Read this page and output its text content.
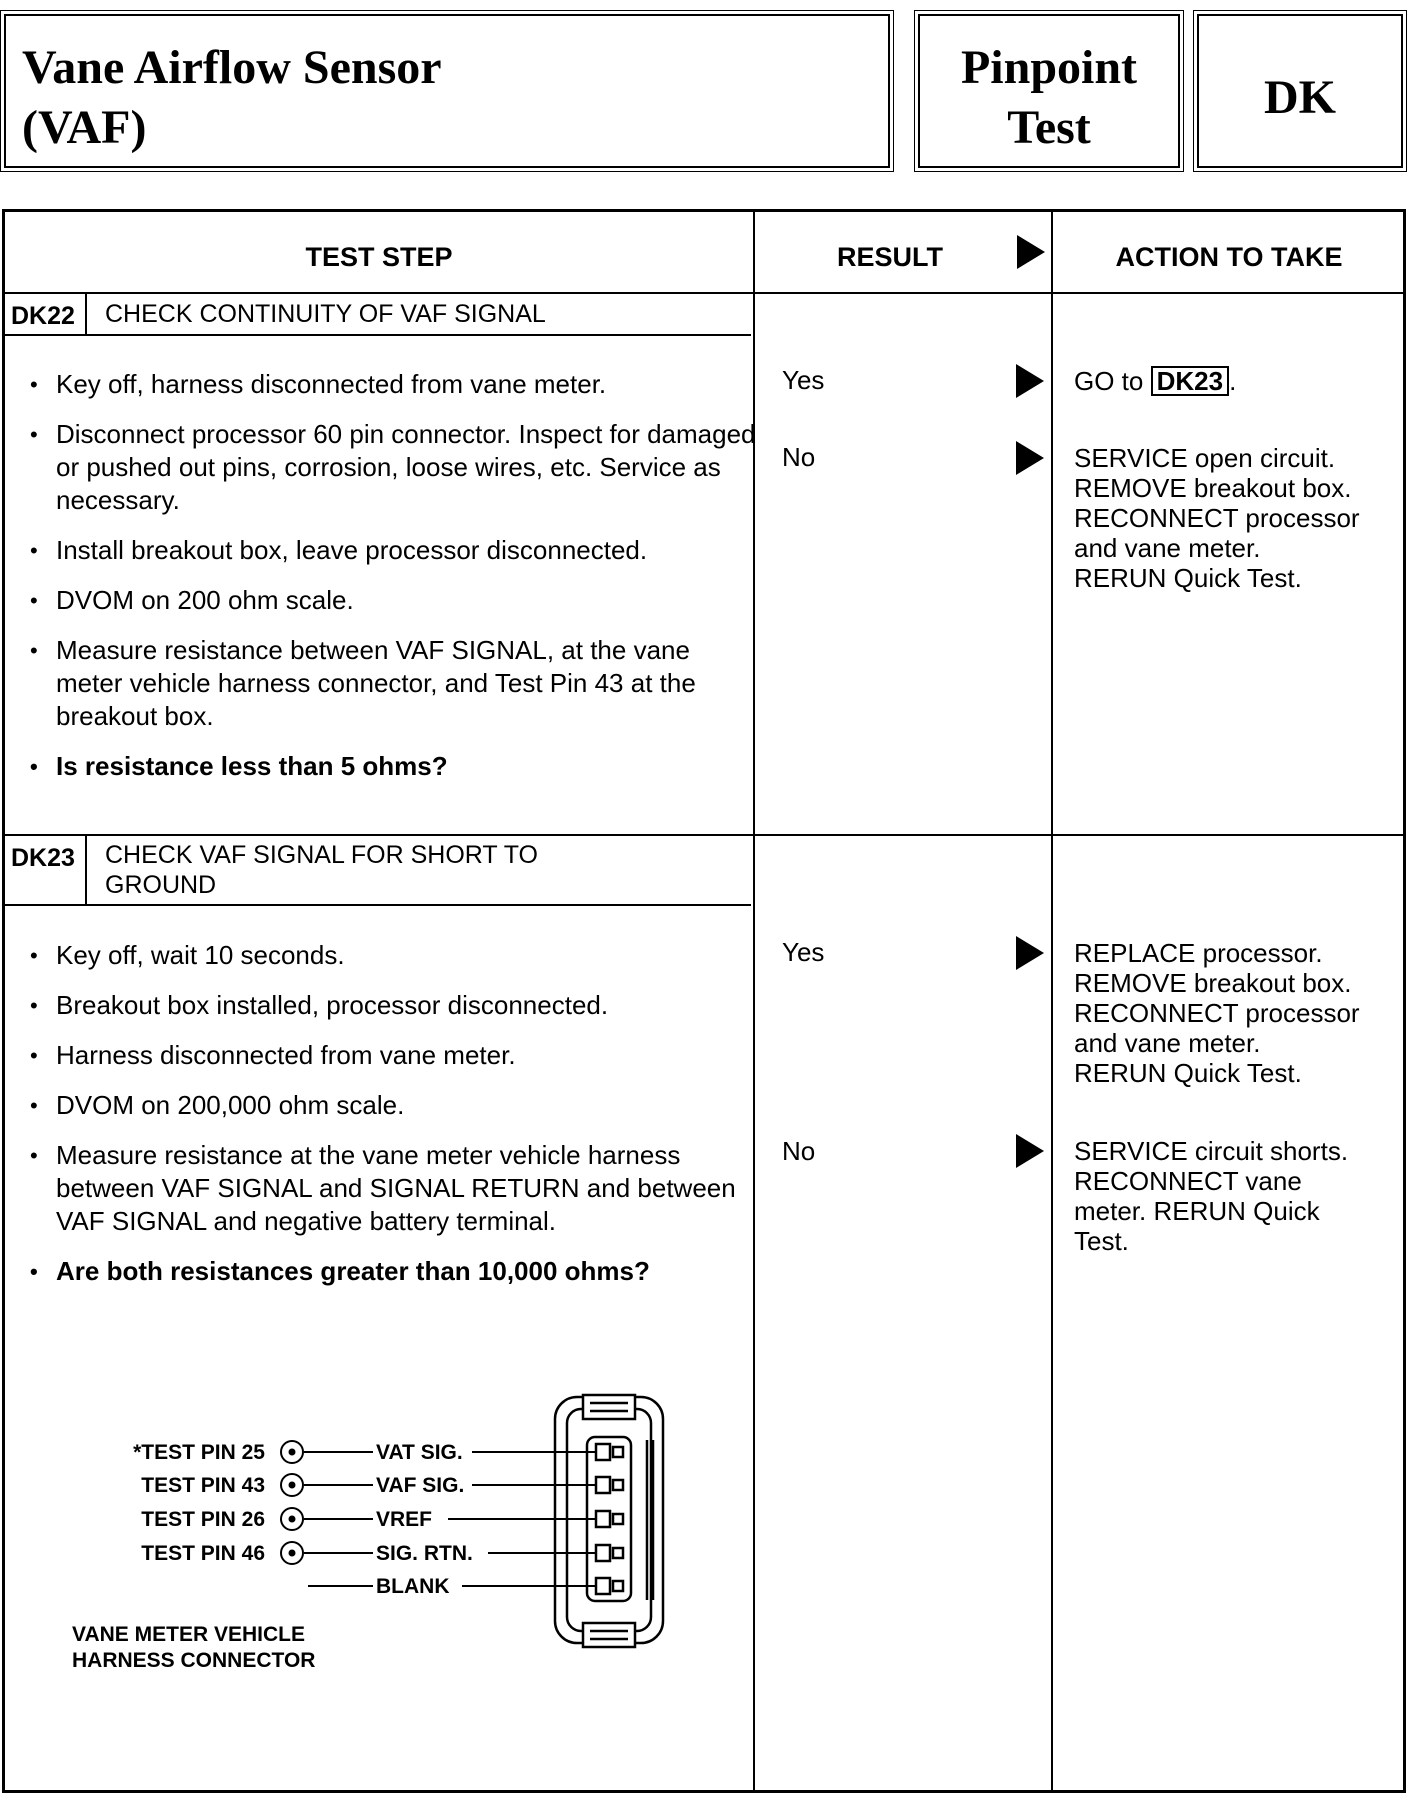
Vane Airflow Sensor
(VAF)
Pinpoint
Test
DK
TEST STEP	RESULT	ACTION TO TAKE
DK22 CHECK CONTINUITY OF VAF SIGNAL
• Key off, harness disconnected from vane meter.
• Disconnect processor 60 pin connector. Inspect for damaged or pushed out pins, corrosion, loose wires, etc. Service as necessary.
• Install breakout box, leave processor disconnected.
• DVOM on 200 ohm scale.
• Measure resistance between VAF SIGNAL, at the vane meter vehicle harness connector, and Test Pin 43 at the breakout box.
• Is resistance less than 5 ohms?
Yes	GO to DK23 .
No	SERVICE open circuit.
REMOVE breakout box.
RECONNECT processor
and vane meter.
RERUN Quick Test.
DK23 CHECK VAF SIGNAL FOR SHORT TO
GROUND
• Key off, wait 10 seconds.
• Breakout box installed, processor disconnected.
• Harness disconnected from vane meter.
• DVOM on 200,000 ohm scale.
• Measure resistance at the vane meter vehicle harness between VAF SIGNAL and SIGNAL RETURN and between VAF SIGNAL and negative battery terminal.
• Are both resistances greater than 10,000 ohms?
Yes	REPLACE processor.
REMOVE breakout box.
RECONNECT processor
and vane meter.
RERUN Quick Test.
No	SERVICE circuit shorts.
RECONNECT vane
meter. RERUN Quick
Test.
*TEST PIN 25	VAT SIG.
TEST PIN 43	VAF SIG.
TEST PIN 26	VREF
TEST PIN 46	SIG. RTN.
BLANK
VANE METER VEHICLE
HARNESS CONNECTOR
